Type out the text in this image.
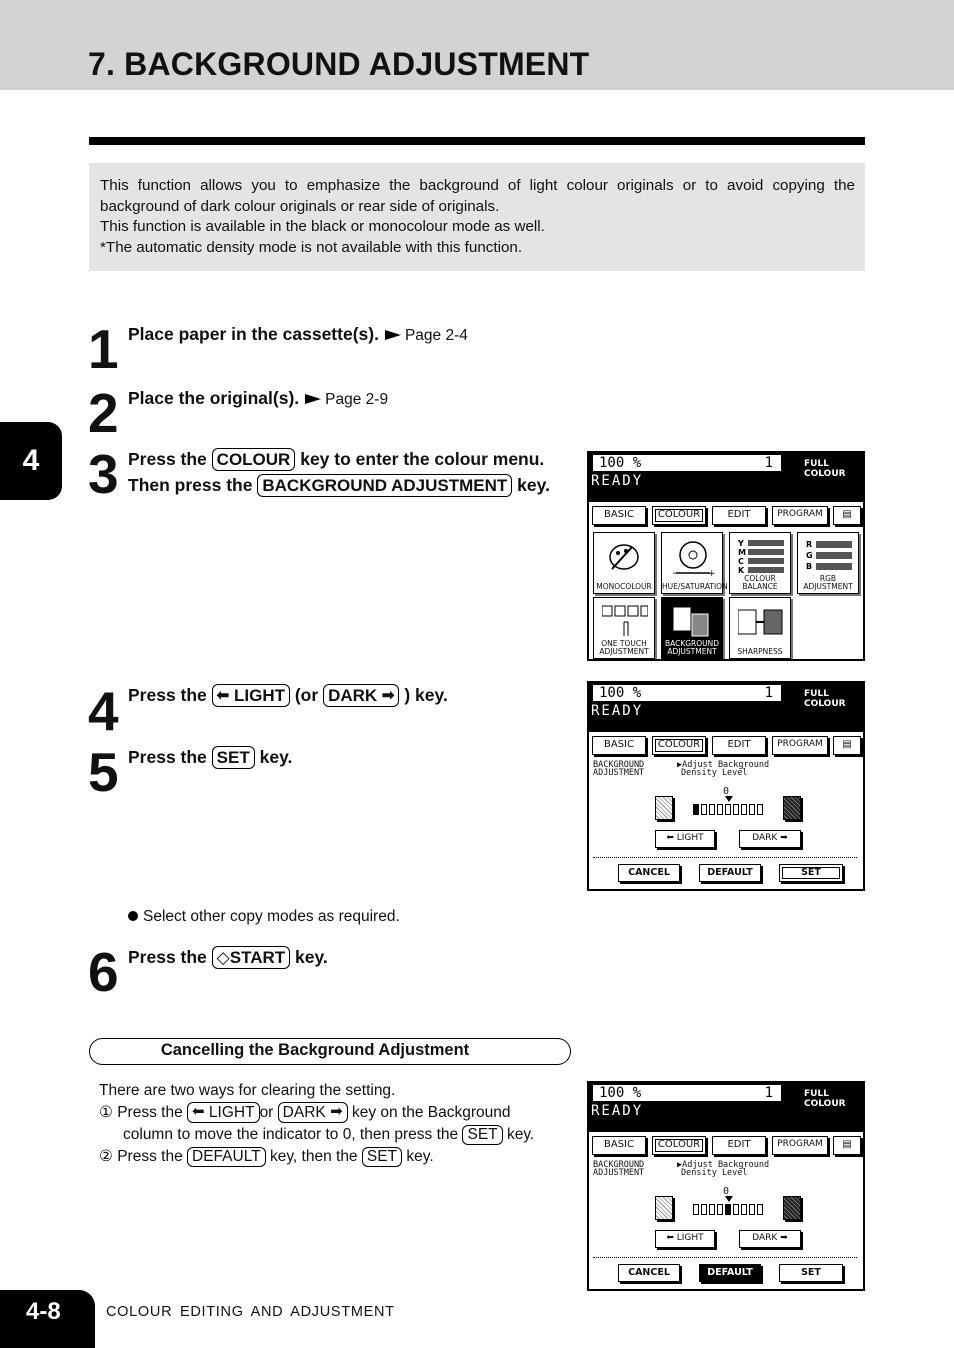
7. BACKGROUND ADJUSTMENT

This function allows you to emphasize the background of light colour originals or to avoid copying the background of dark colour originals or rear side of originals.

This function is available in the black or monocolour mode as well.

*The automatic density mode is not available with this function.

4
1 Place paper in the cassette(s). Page 2-4
2 Place the original(s). Page 2-9
3 Press the COLOUR key to enter the colour menu.
Then press the BACKGROUND ADJUSTMENT key.
4 Press the ⬅ LIGHT (or DARK ➡ ) key.
5 Press the SET key.
Select other copy modes as required.
6 Press the ◇START key.
Cancelling the Background Adjustment
There are two ways for clearing the setting.
① Press the ⬅ LIGHT or DARK ➡ key on the Background
column to move the indicator to 0, then press the SET key.
② Press the DEFAULT key, then the SET key.
100 %	1
READY
FULL COLOUR
BASIC	COLOUR	EDIT	PROGRAM	▤
MONOCOLOUR
−	+
HUE/SATURATION
Y
M
C
K
COLOUR BALANCE
R
G
B
RGB ADJUSTMENT
ONE TOUCH ADJUSTMENT
BACKGROUND ADJUSTMENT	SHARPNESS
100 %	1
READY
FULL COLOUR
BASIC	COLOUR	EDIT	PROGRAM	▤
BACKGROUND
ADJUSTMENT
▶Adjust Background
Density Level
0
⬅ LIGHT	DARK ➡
CANCEL	DEFAULT	SET
100 %	1
READY
FULL COLOUR
BASIC	COLOUR	EDIT	PROGRAM	▤
BACKGROUND
ADJUSTMENT
▶Adjust Background
Density Level
0
⬅ LIGHT	DARK ➡
CANCEL	DEFAULT	SET
4-8	COLOUR EDITING AND ADJUSTMENT
